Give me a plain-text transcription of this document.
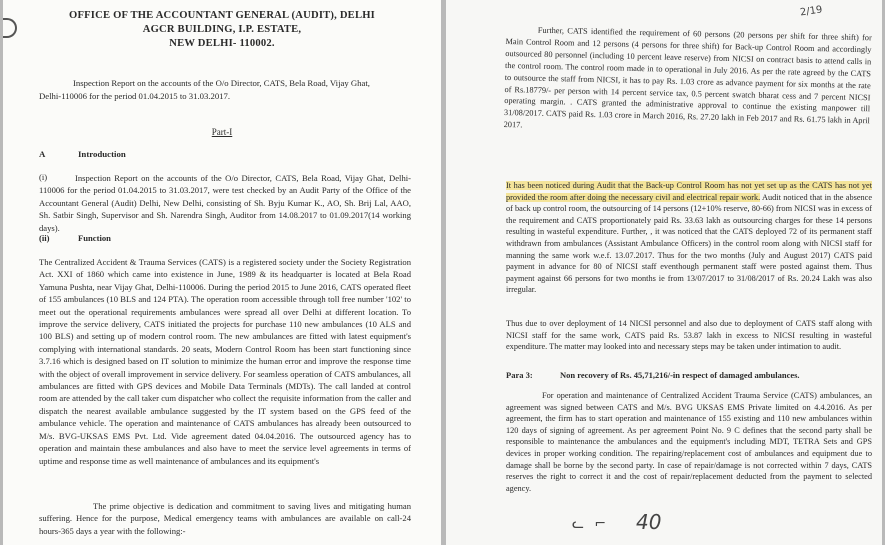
OFFICE OF THE ACCOUNTANT GENERAL (AUDIT), DELHI
AGCR BUILDING, I.P. ESTATE,
NEW DELHI- 110002.
Inspection Report on the accounts of the O/o Director, CATS, Bela Road, Vijay Ghat,
Delhi-110006 for the period 01.04.2015 to 31.03.2017.
Part-I
A	Introduction
(i)	Inspection Report on the accounts of the O/o Director, CATS, Bela Road, Vijay Ghat, Delhi-110006 for the period 01.04.2015 to 31.03.2017, were test checked by an Audit Party of the Office of the Accountant General (Audit) Delhi, New Delhi, consisting of Sh. Byju Kumar K., AO, Sh. Brij Lal, AAO, Sh. Satbir Singh, Supervisor and Sh. Narendra Singh, Auditor from 14.08.2017 to 01.09.2017(14 working days).
(ii)	Function
The Centralized Accident & Trauma Services (CATS) is a registered society under the Society Registration Act. XXI of 1860 which came into existence in June, 1989 & its headquarter is located at Bela Road Yamuna Pushta, near Vijay Ghat, Delhi-110006. During the period 2015 to June 2016, CATS operated fleet of 155 ambulances (10 BLS and 124 PTA). The operation room accessible through toll free number '102' to meet out the operational requirements ambulances were spread all over Delhi at different location. To improve the service delivery, CATS initiated the projects for purchase 110 new ambulances (10 ALS and 100 BLS) and setting up of modern control room. The new ambulances are fitted with latest equipment's complying with international standards. 20 seats, Modern Control Room has been start functioning since 3.7.16 which is designed based on IT solution to minimize the human error and improve the response time with the object of overall improvement in service delivery. For seamless operation of CATS ambulances, all ambulances are fitted with GPS devices and Mobile Data Terminals (MDTs). The call landed at control room are attended by the call taker cum dispatcher who collect the requisite information from the caller and dispatch the nearest available ambulance suggested by the IT system based on the GPS feed of the ambulance vehicle. The operation and maintenance of CATS ambulances has already been outsourced to M/s. BVG-UKSAS EMS Pvt. Ltd. Vide agreement dated 04.04.2016. The outsourced agency has to operation and maintain these ambulances and also have to meet the service level agreements in terms of uptime and response time as well maintenance of ambulances and its equipment's
The prime objective is dedication and commitment to saving lives and mitigating human suffering. Hence for the purpose, Medical emergency teams with ambulances are available on call-24 hours-365 days a year with the following:-
2/19
Further, CATS identified the requirement of 60 persons (20 persons per shift for three shift) for Main Control Room and 12 persons (4 persons for three shift) for Back-up Control Room and accordingly outsourced 80 personnel (including 10 percent leave reserve) from NICSI on contract basis to attend calls in the control room. The control room made in to operational in July 2016. As per the rate agreed by the CATS to outsource the staff from NICSI, it has to pay Rs. 1.03 crore as advance payment for six months at the rate of Rs.18779/- per person with 14 percent service tax, 0.5 percent swatch bharat cess and 7 percent NICSI operating margin. . CATS granted the administrative approval to continue the existing manpower till 31/08/2017. CATS paid Rs. 1.03 crore in March 2016, Rs. 27.20 lakh in Feb 2017 and Rs. 61.75 lakh in April 2017.
It has been noticed during Audit that the Back-up Control Room has not yet set up as the CATS has not yet provided the room after doing the necessary civil and electrical repair work. Audit noticed that in the absence of back up control room, the outsourcing of 14 persons (12+10% reserve, 80-66) from NICSI was in excess of the requirement and CATS proportionately paid Rs. 33.63 lakh as outsourcing charges for these 14 persons resulting in wasteful expenditure. Further, , it was noticed that the CATS deployed 72 of its permanent staff withdrawn from ambulances (Assistant Ambulance Officers) in the control room along with NICSI staff for manning the same work w.e.f. 13.07.2017. Thus for the two months (July and August 2017) CATS paid payment in advance for 80 of NICSI staff eventhough permanent staff were posted against them. Thus payment against 66 persons for two months ie from 13/07/2017 to 31/08/2017 of Rs. 20.24 Lakh was also irregular.
Thus due to over deployment of 14 NICSI personnel and also due to deployment of CATS staff along with NICSI staff for the same work, CATS paid Rs. 53.87 lakh in excess to NICSI resulting in wasteful expenditure. The matter may looked into and necessary steps may be taken under intimation to audit.
Para 3:	Non recovery of Rs. 45,71,216/-in respect of damaged ambulances.
For operation and maintenance of Centralized Accident Trauma Service (CATS) ambulances, an agreement was signed between CATS and M/s. BVG UKSAS EMS Private limited on 4.4.2016. As per agreement, the firm has to start operation and maintenance of 155 existing and 110 new ambulances within 120 days of signing of agreement. As per agreement Point No. 9 C defines that the second party shall be responsible to maintenance the ambulances and the equipment's including MDT, TETRA Sets and GPS devices in proper working condition. The repairing/replacement cost of ambulances and equipment due to damage shall be borne by the second party. In case of repair/damage is not corrected within 7 days, CATS reserves the right to correct it and the cost of repair/replacement deducted from the payment to selected agency.
ᓚ ⌐ 40
